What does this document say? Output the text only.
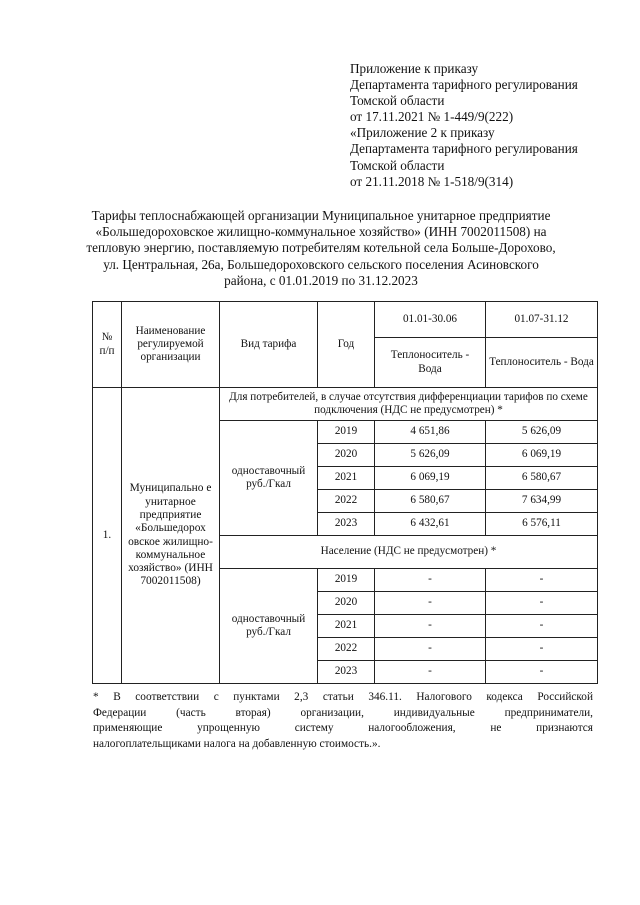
Приложение к приказу
Департамента тарифного регулирования
Томской области
от 17.11.2021 № 1-449/9(222)
«Приложение 2 к приказу
Департамента тарифного регулирования
Томской области
от 21.11.2018 № 1-518/9(314)
Тарифы теплоснабжающей организации Муниципальное унитарное предприятие
«Большедороховское жилищно-коммунальное хозяйство» (ИНН 7002011508) на
тепловую энергию, поставляемую потребителям котельной села Больше-Дорохово,
ул. Центральная, 26а, Большедороховского сельского поселения Асиновского
района, с 01.01.2019 по 31.12.2023
№ п/п	Наименование регулируемой организации	Вид тарифа	Год	01.01-30.06	01.07-31.12
				Теплоноситель - Вода	Теплоноситель - Вода
1.	Муниципально е унитарное предприятие «Большедорох овское жилищно-коммунальное хозяйство» (ИНН 7002011508)	Для потребителей, в случае отсутствия дифференциации тарифов по схеме подключения (НДС не предусмотрен) *			
		одноставочный руб./Гкал	2019	4 651,86	5 626,09
			2020	5 626,09	6 069,19
			2021	6 069,19	6 580,67
			2022	6 580,67	7 634,99
			2023	6 432,61	6 576,11
		Население (НДС не предусмотрен) *			
		одноставочный руб./Гкал	2019	-	-
			2020	-	-
			2021	-	-
			2022	-	-
			2023	-	-
* В соответствии с пунктами 2,3 статьи 346.11. Налогового кодекса Российской
Федерации	(часть	вторая)	организации,	индивидуальные	предприниматели,
применяющие	упрощенную	систему	налогообложения,	не	признаются
налогоплательщиками налога на добавленную стоимость.».
